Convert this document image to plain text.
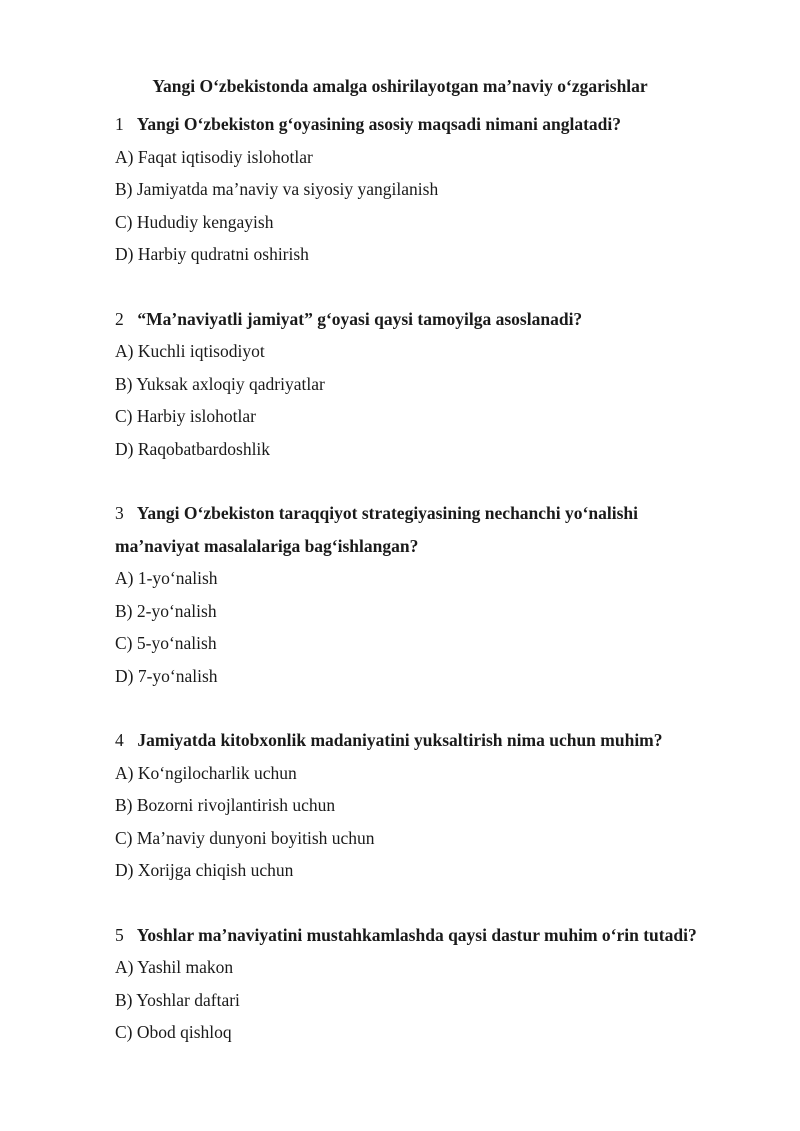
Yangi O‘zbekistonda amalga oshirilayotgan ma’naviy o‘zgarishlar
1 Yangi O‘zbekiston g‘oyasining asosiy maqsadi nimani anglatadi?
A) Faqat iqtisodiy islohotlar
B) Jamiyatda ma’naviy va siyosiy yangilanish
C) Hududiy kengayish
D) Harbiy qudratni oshirish
2 “Ma’naviyatli jamiyat” g‘oyasi qaysi tamoyilga asoslanadi?
A) Kuchli iqtisodiyot
B) Yuksak axloqiy qadriyatlar
C) Harbiy islohotlar
D) Raqobatbardoshlik
3 Yangi O‘zbekiston taraqqiyot strategiyasining nechanchi yo‘nalishi
ma’naviyat masalalariga bag‘ishlangan?
A) 1-yo‘nalish
B) 2-yo‘nalish
C) 5-yo‘nalish
D) 7-yo‘nalish
4 Jamiyatda kitobxonlik madaniyatini yuksaltirish nima uchun muhim?
A) Ko‘ngilocharlik uchun
B) Bozorni rivojlantirish uchun
C) Ma’naviy dunyoni boyitish uchun
D) Xorijga chiqish uchun
5 Yoshlar ma’naviyatini mustahkamlashda qaysi dastur muhim o‘rin tutadi?
A) Yashil makon
B) Yoshlar daftari
C) Obod qishloq
